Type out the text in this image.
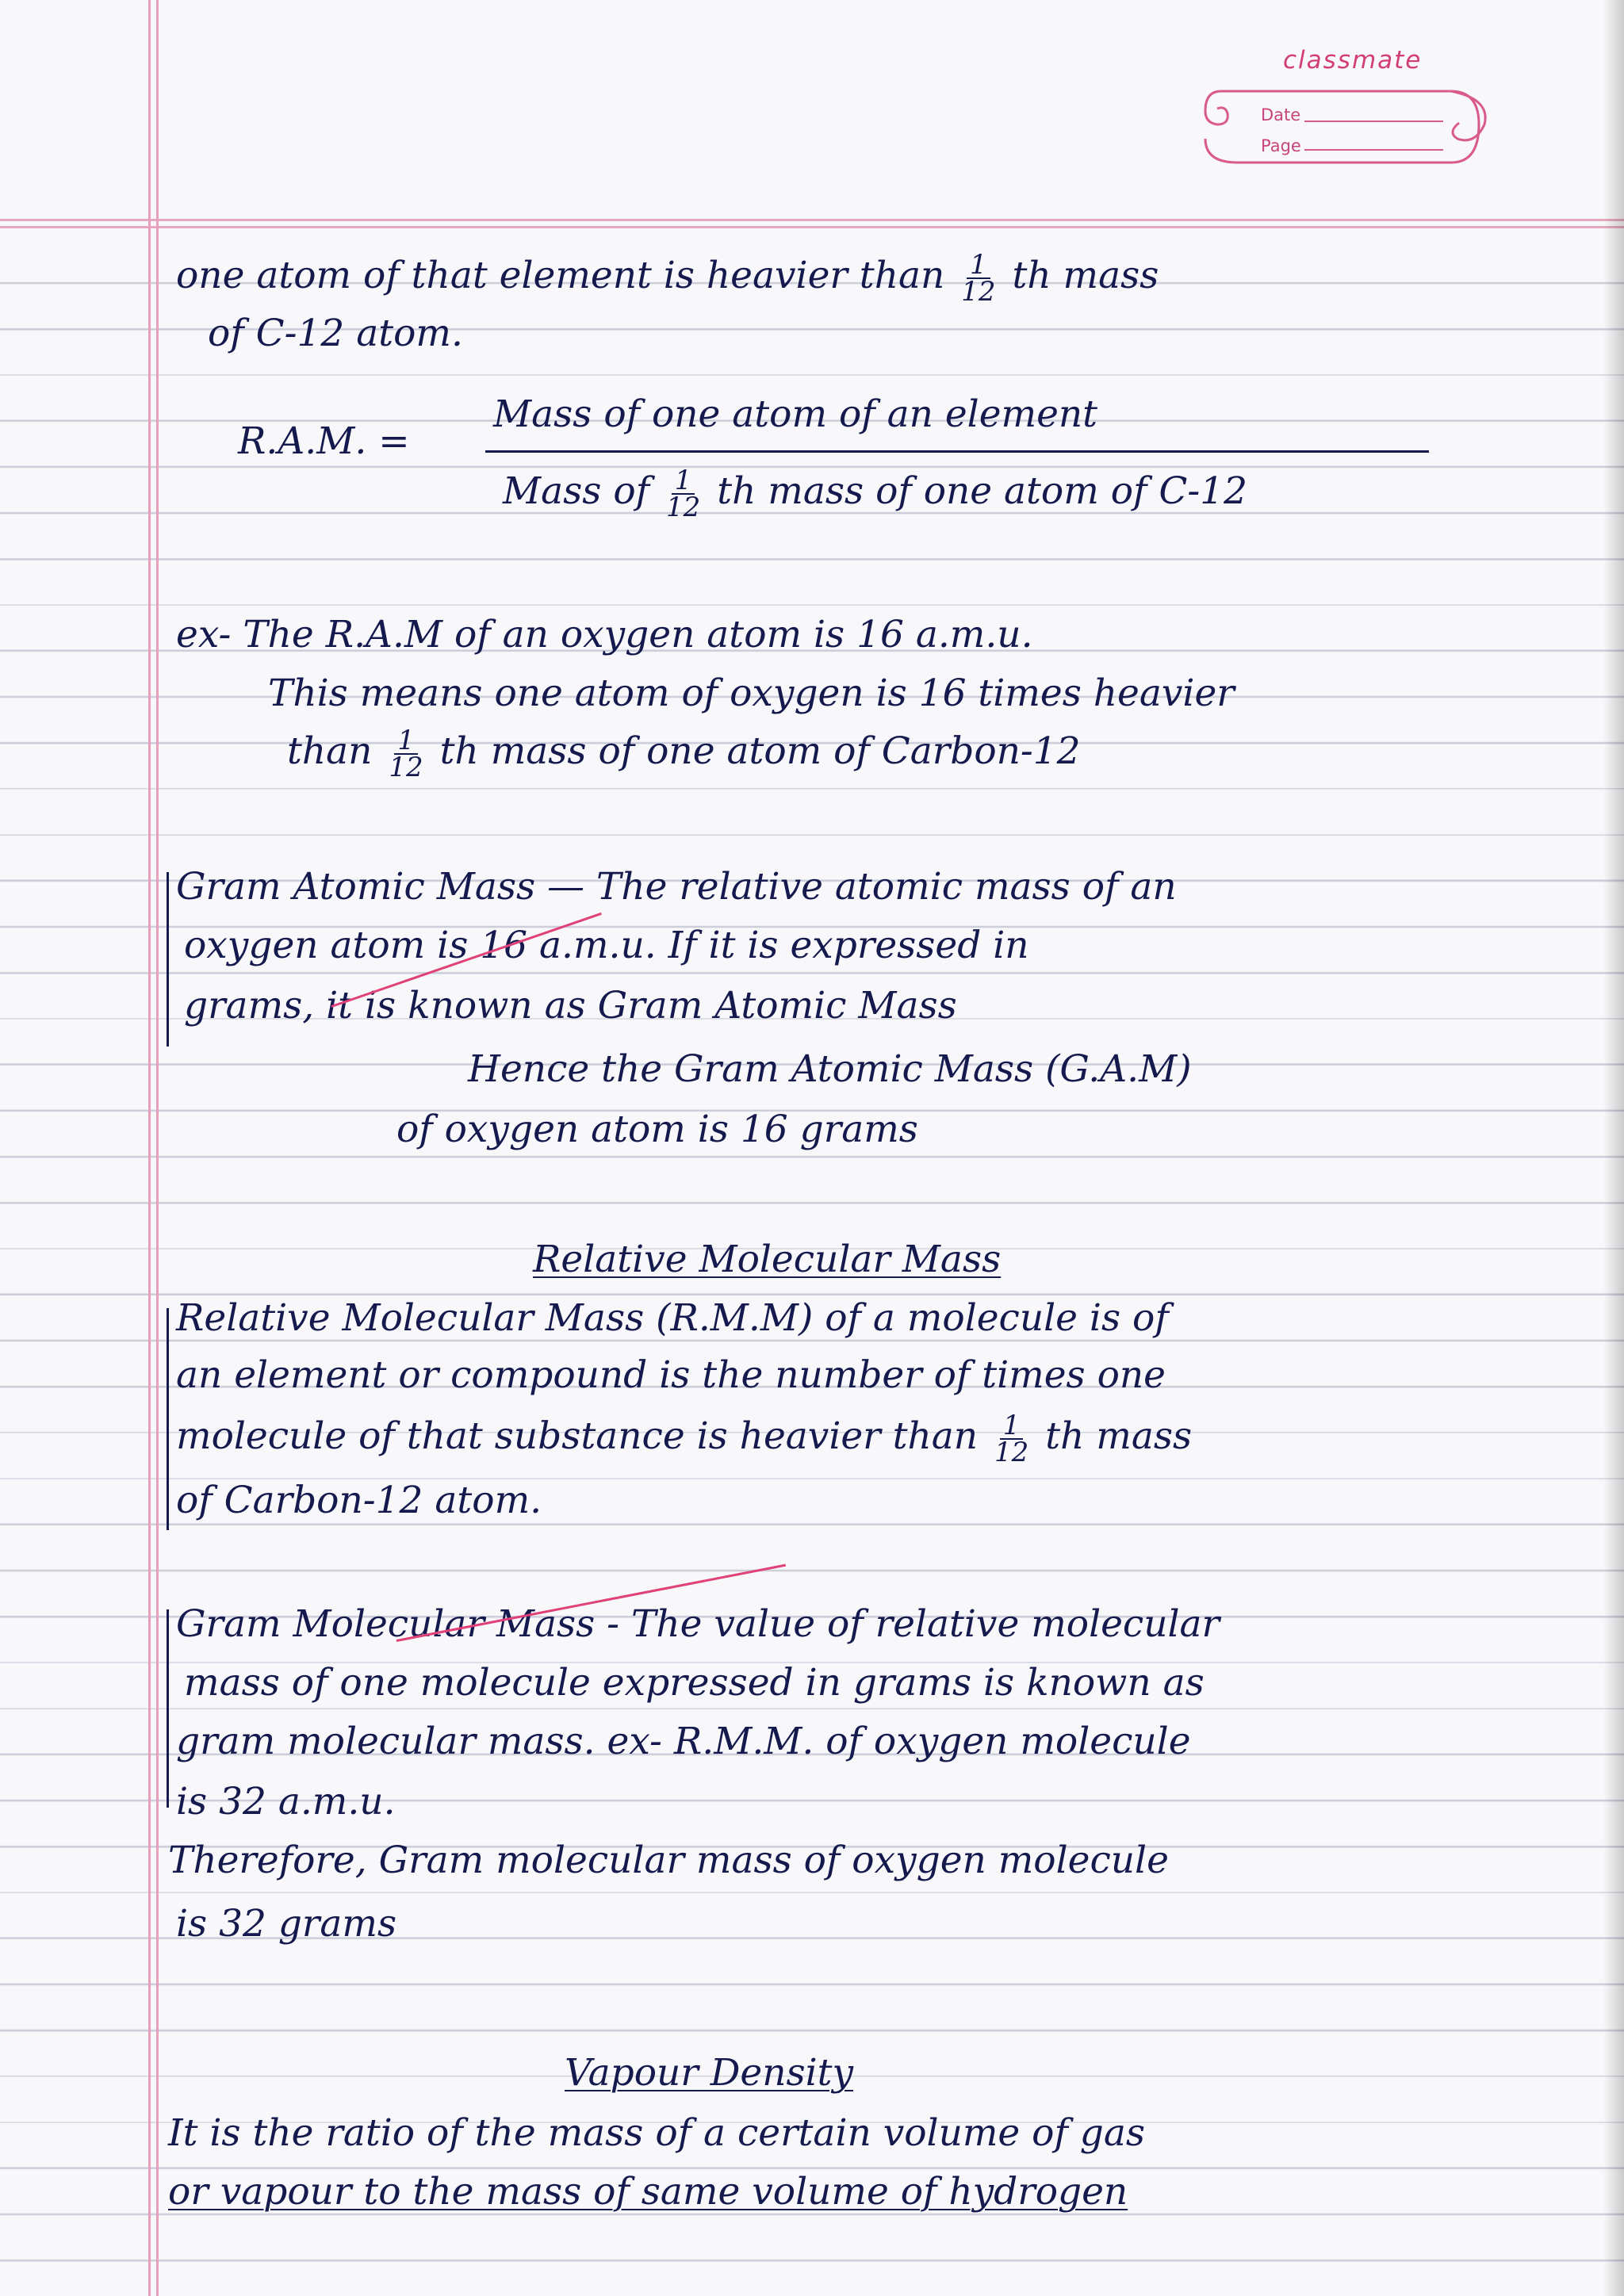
classmate
Date
Page
one atom of that element is heavier than $\frac{1}{12}$ th mass
of C-12 atom.
R.A.M. =
Mass of one atom of an element
Mass of $\frac{1}{12}$ th mass of one atom of C-12
ex- The R.A.M of an oxygen atom is 16 a.m.u.
This means one atom of oxygen is 16 times heavier
than $\frac{1}{12}$ th mass of one atom of Carbon-12
Gram Atomic Mass — The relative atomic mass of an
oxygen atom is 16 a.m.u. If it is expressed in
grams, it is known as Gram Atomic Mass
Hence the Gram Atomic Mass (G.A.M)
of oxygen atom is 16 grams
Relative Molecular Mass
Relative Molecular Mass (R.M.M) of a molecule is of
an element or compound is the number of times one
molecule of that substance is heavier than $\frac{1}{12}$ th mass
of Carbon-12 atom.
Gram Molecular Mass - The value of relative molecular
mass of one molecule expressed in grams is known as
gram molecular mass. ex- R.M.M. of oxygen molecule
is 32 a.m.u.
Therefore, Gram molecular mass of oxygen molecule
is 32 grams
Vapour Density
It is the ratio of the mass of a certain volume of gas
or vapour to the mass of same volume of hydrogen
